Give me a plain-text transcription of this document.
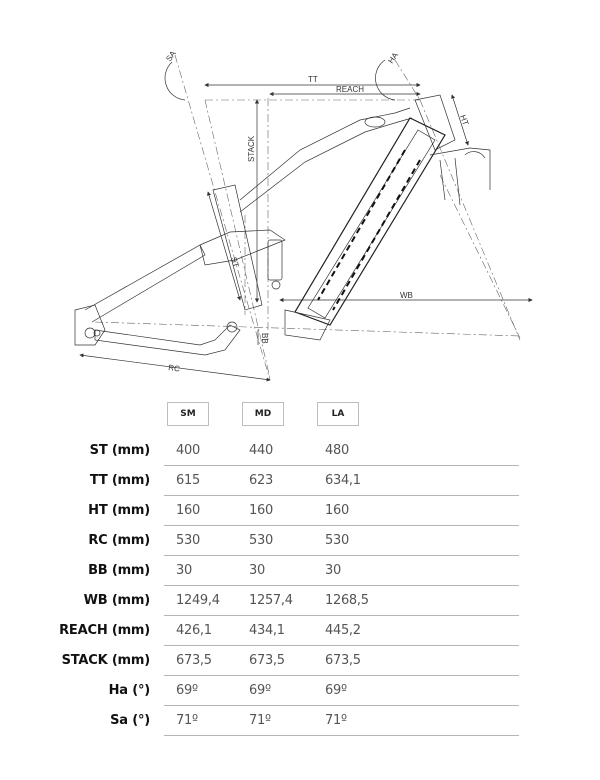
SA	HA
TT
REACH
HT
STACK
ST
WB
RC
BB
SM	MD	LA
ST (mm) 400	440	480
TT (mm) 615	623	634,1
HT (mm) 160	160	160
RC (mm) 530	530	530
BB (mm) 30	30	30
WB (mm) 1249,4 1257,4 1268,5
REACH (mm) 426,1	434,1	445,2
STACK (mm) 673,5	673,5	673,5
Ha (°) 69º	69º	69º
Sa (°) 71º	71º	71º
